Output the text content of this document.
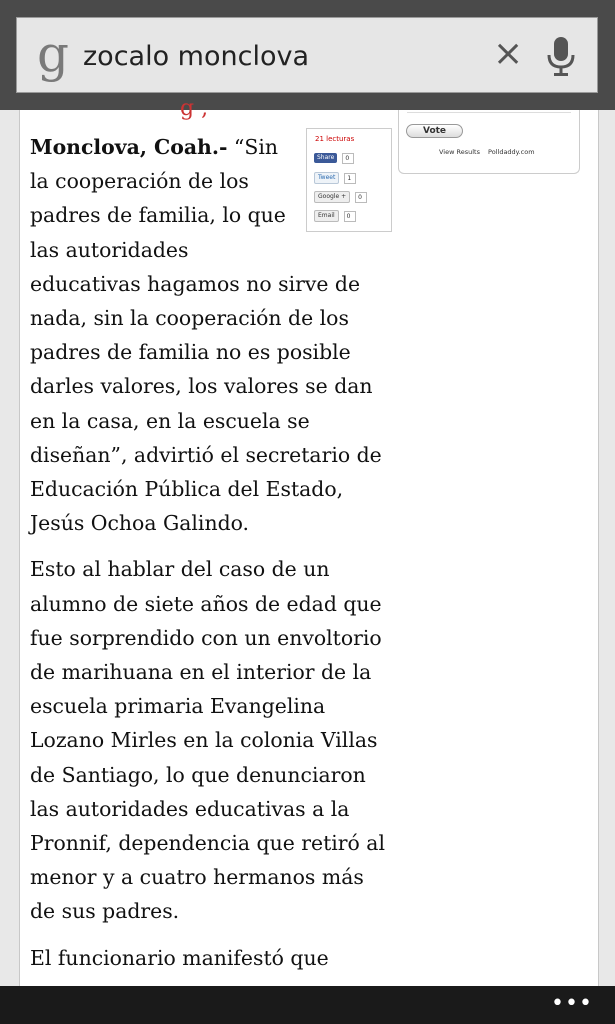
g zocalo monclova	×
g ,
Vote
View Results Polldaddy.com

21 lecturas
Share	0
Tweet	1
Google +	0
Email	0
Monclova, Coah.- “Sin la cooperación de los padres de familia, lo que las autoridades educativas hagamos no sirve de nada, sin la cooperación de los padres de familia no es posible darles valores, los valores se dan en la casa, en la escuela se diseñan”, advirtió el secretario de Educación Pública del Estado, Jesús Ochoa Galindo.

Esto al hablar del caso de un alumno de siete años de edad que fue sorprendido con un envoltorio de marihuana en el interior de la escuela primaria Evangelina Lozano Mirles en la colonia Villas de Santiago, lo que denunciaron las autoridades educativas a la Pronnif, dependencia que retiró al menor y a cuatro hermanos más de sus padres.

El funcionario manifestó que

•••
